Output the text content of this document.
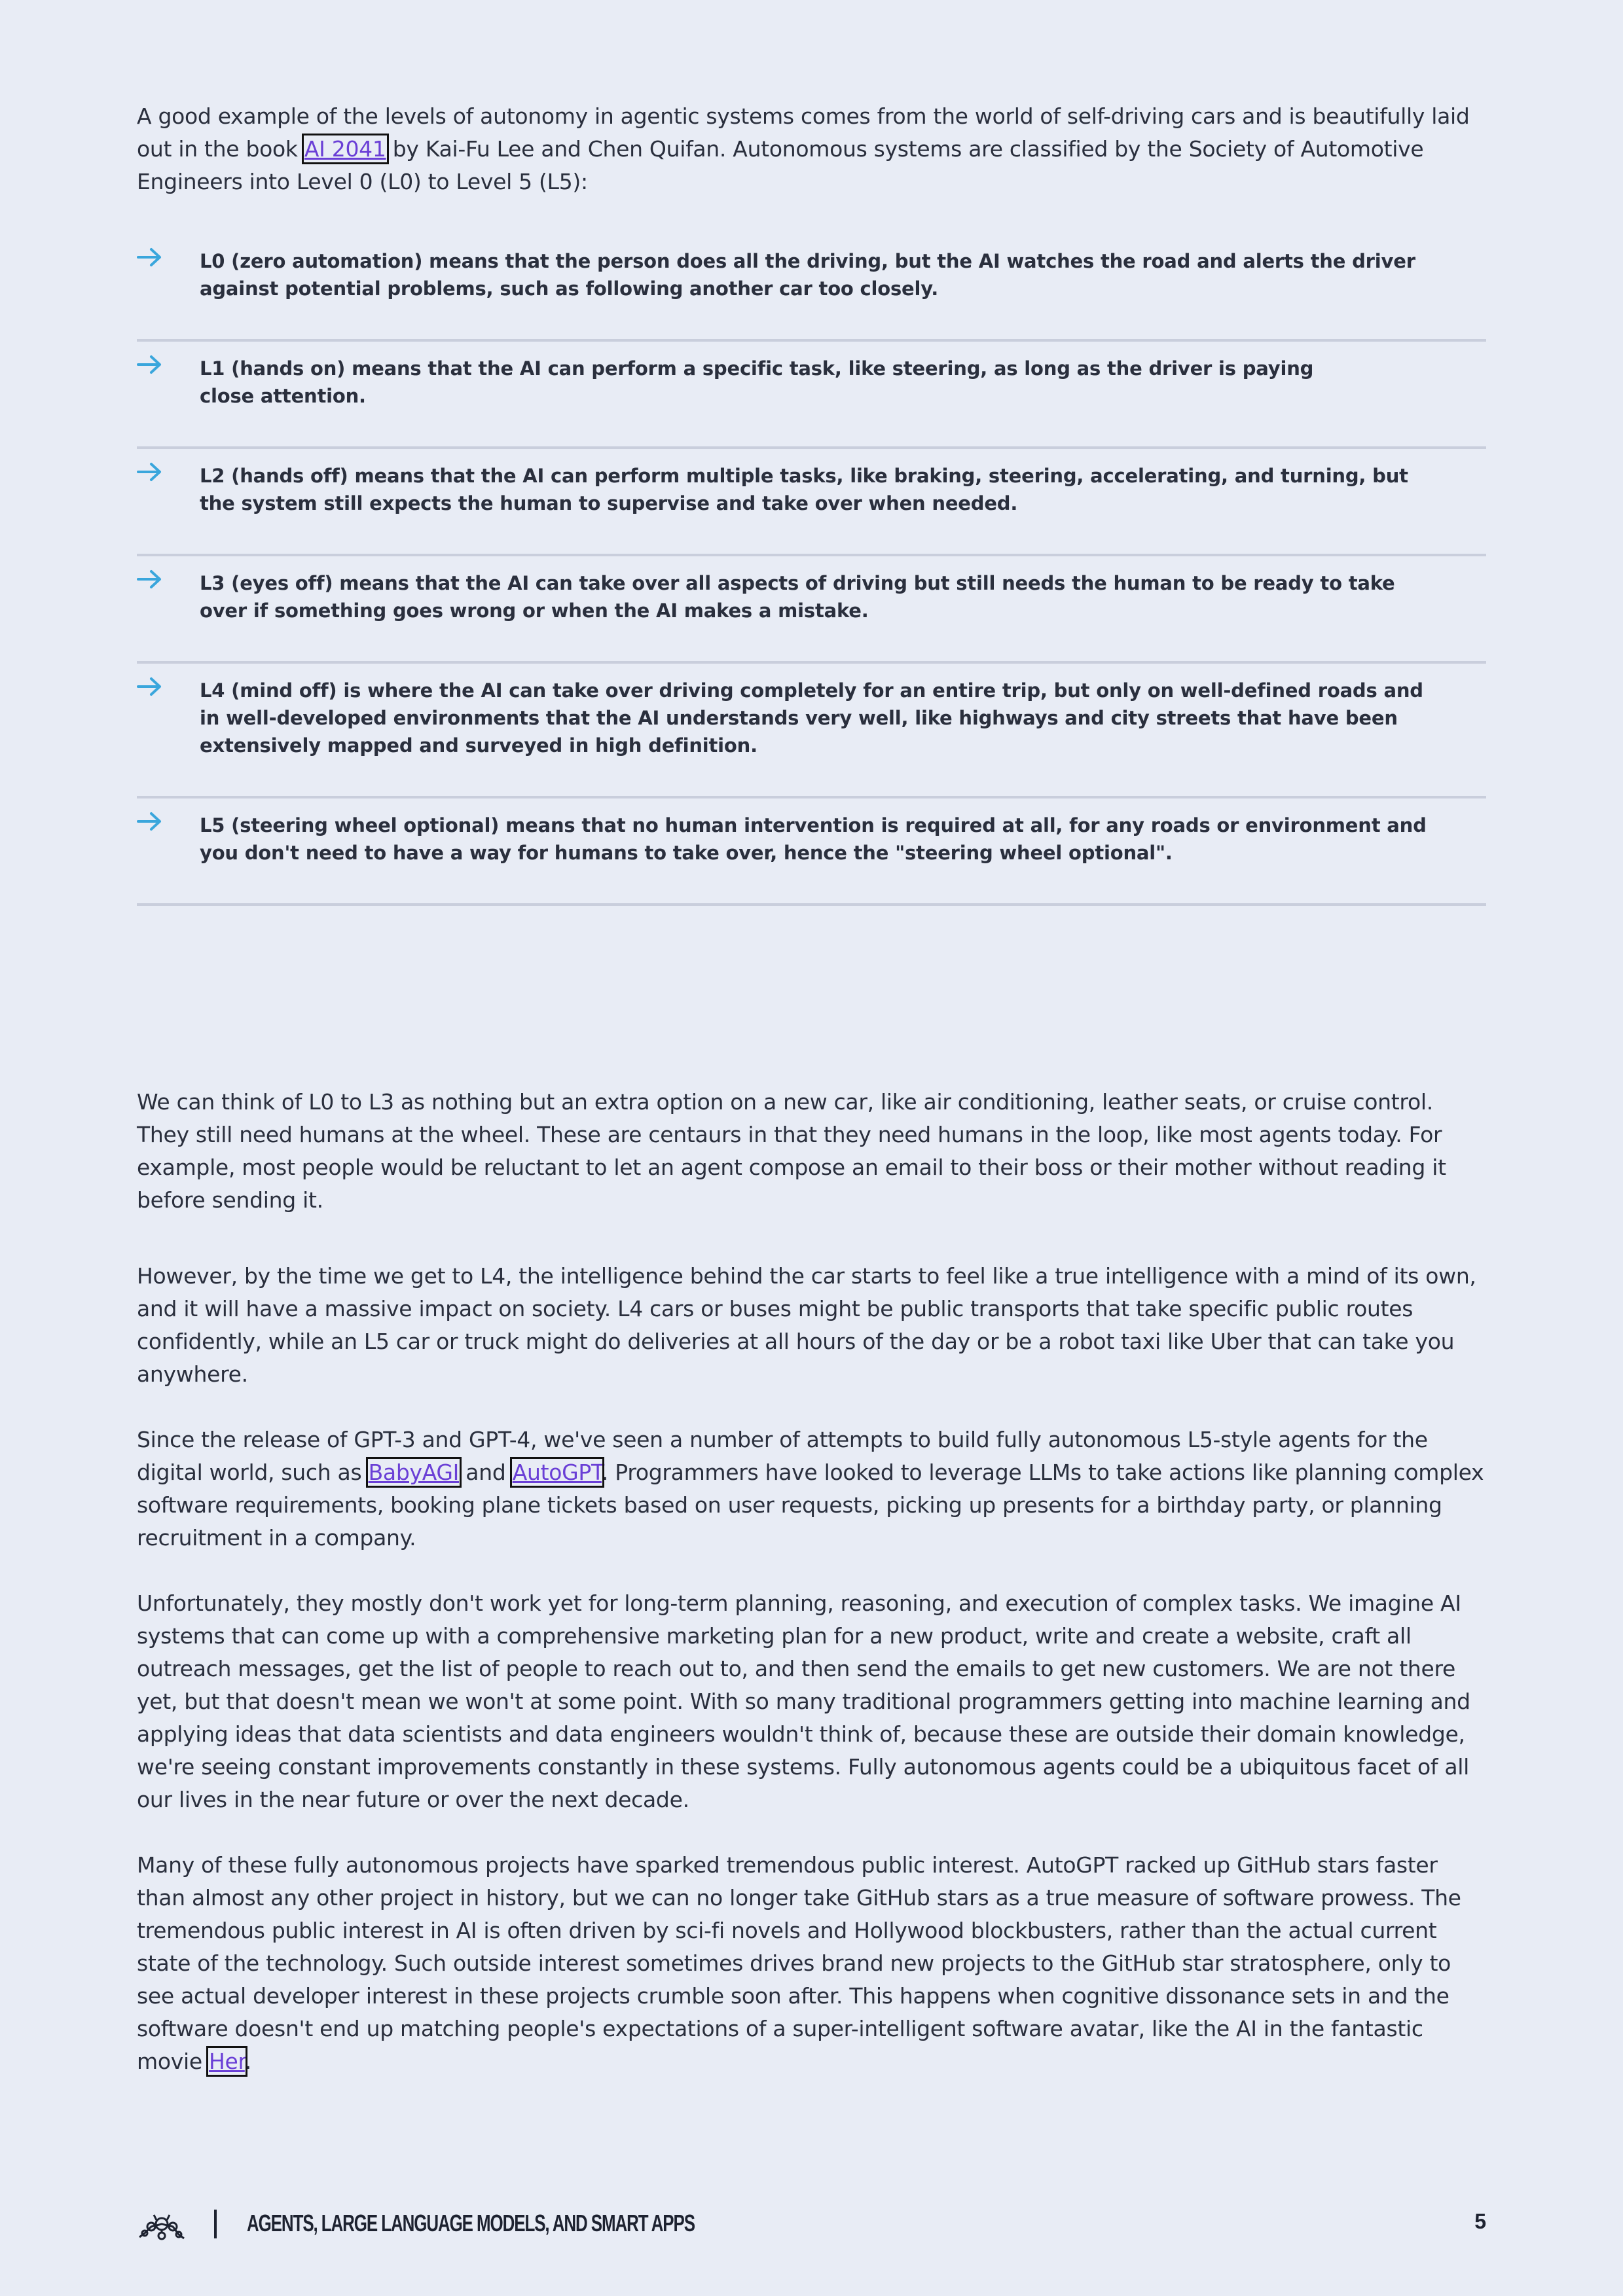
A good example of the levels of autonomy in agentic systems comes from the world of self-driving cars and is beautifully laid out in the book AI 2041 by Kai-Fu Lee and Chen Quifan. Autonomous systems are classified by the Society of Automotive Engineers into Level 0 (L0) to Level 5 (L5):

L0 (zero automation) means that the person does all the driving, but the AI watches the road and alerts the driver against potential problems, such as following another car too closely.
L1 (hands on) means that the AI can perform a specific task, like steering, as long as the driver is paying close attention.
L2 (hands off) means that the AI can perform multiple tasks, like braking, steering, accelerating, and turning, but the system still expects the human to supervise and take over when needed.
L3 (eyes off) means that the AI can take over all aspects of driving but still needs the human to be ready to take over if something goes wrong or when the AI makes a mistake.
L4 (mind off) is where the AI can take over driving completely for an entire trip, but only on well-defined roads and in well-developed environments that the AI understands very well, like highways and city streets that have been extensively mapped and surveyed in high definition.
L5 (steering wheel optional) means that no human intervention is required at all, for any roads or environment and you don't need to have a way for humans to take over, hence the "steering wheel optional".

We can think of L0 to L3 as nothing but an extra option on a new car, like air conditioning, leather seats, or cruise control. They still need humans at the wheel. These are centaurs in that they need humans in the loop, like most agents today. For example, most people would be reluctant to let an agent compose an email to their boss or their mother without reading it before sending it.

However, by the time we get to L4, the intelligence behind the car starts to feel like a true intelligence with a mind of its own, and it will have a massive impact on society. L4 cars or buses might be public transports that take specific public routes confidently, while an L5 car or truck might do deliveries at all hours of the day or be a robot taxi like Uber that can take you anywhere.

Since the release of GPT-3 and GPT-4, we've seen a number of attempts to build fully autonomous L5-style agents for the digital world, such as BabyAGI and AutoGPT. Programmers have looked to leverage LLMs to take actions like planning complex software requirements, booking plane tickets based on user requests, picking up presents for a birthday party, or planning recruitment in a company.

Unfortunately, they mostly don't work yet for long-term planning, reasoning, and execution of complex tasks. We imagine AI systems that can come up with a comprehensive marketing plan for a new product, write and create a website, craft all outreach messages, get the list of people to reach out to, and then send the emails to get new customers. We are not there yet, but that doesn't mean we won't at some point. With so many traditional programmers getting into machine learning and applying ideas that data scientists and data engineers wouldn't think of, because these are outside their domain knowledge, we're seeing constant improvements constantly in these systems. Fully autonomous agents could be a ubiquitous facet of all our lives in the near future or over the next decade.

Many of these fully autonomous projects have sparked tremendous public interest. AutoGPT racked up GitHub stars faster than almost any other project in history, but we can no longer take GitHub stars as a true measure of software prowess. The tremendous public interest in AI is often driven by sci-fi novels and Hollywood blockbusters, rather than the actual current state of the technology. Such outside interest sometimes drives brand new projects to the GitHub star stratosphere, only to see actual developer interest in these projects crumble soon after. This happens when cognitive dissonance sets in and the software doesn't end up matching people's expectations of a super-intelligent software avatar, like the AI in the fantastic movie Her.

AGENTS, LARGE LANGUAGE MODELS, AND SMART APPS	5
